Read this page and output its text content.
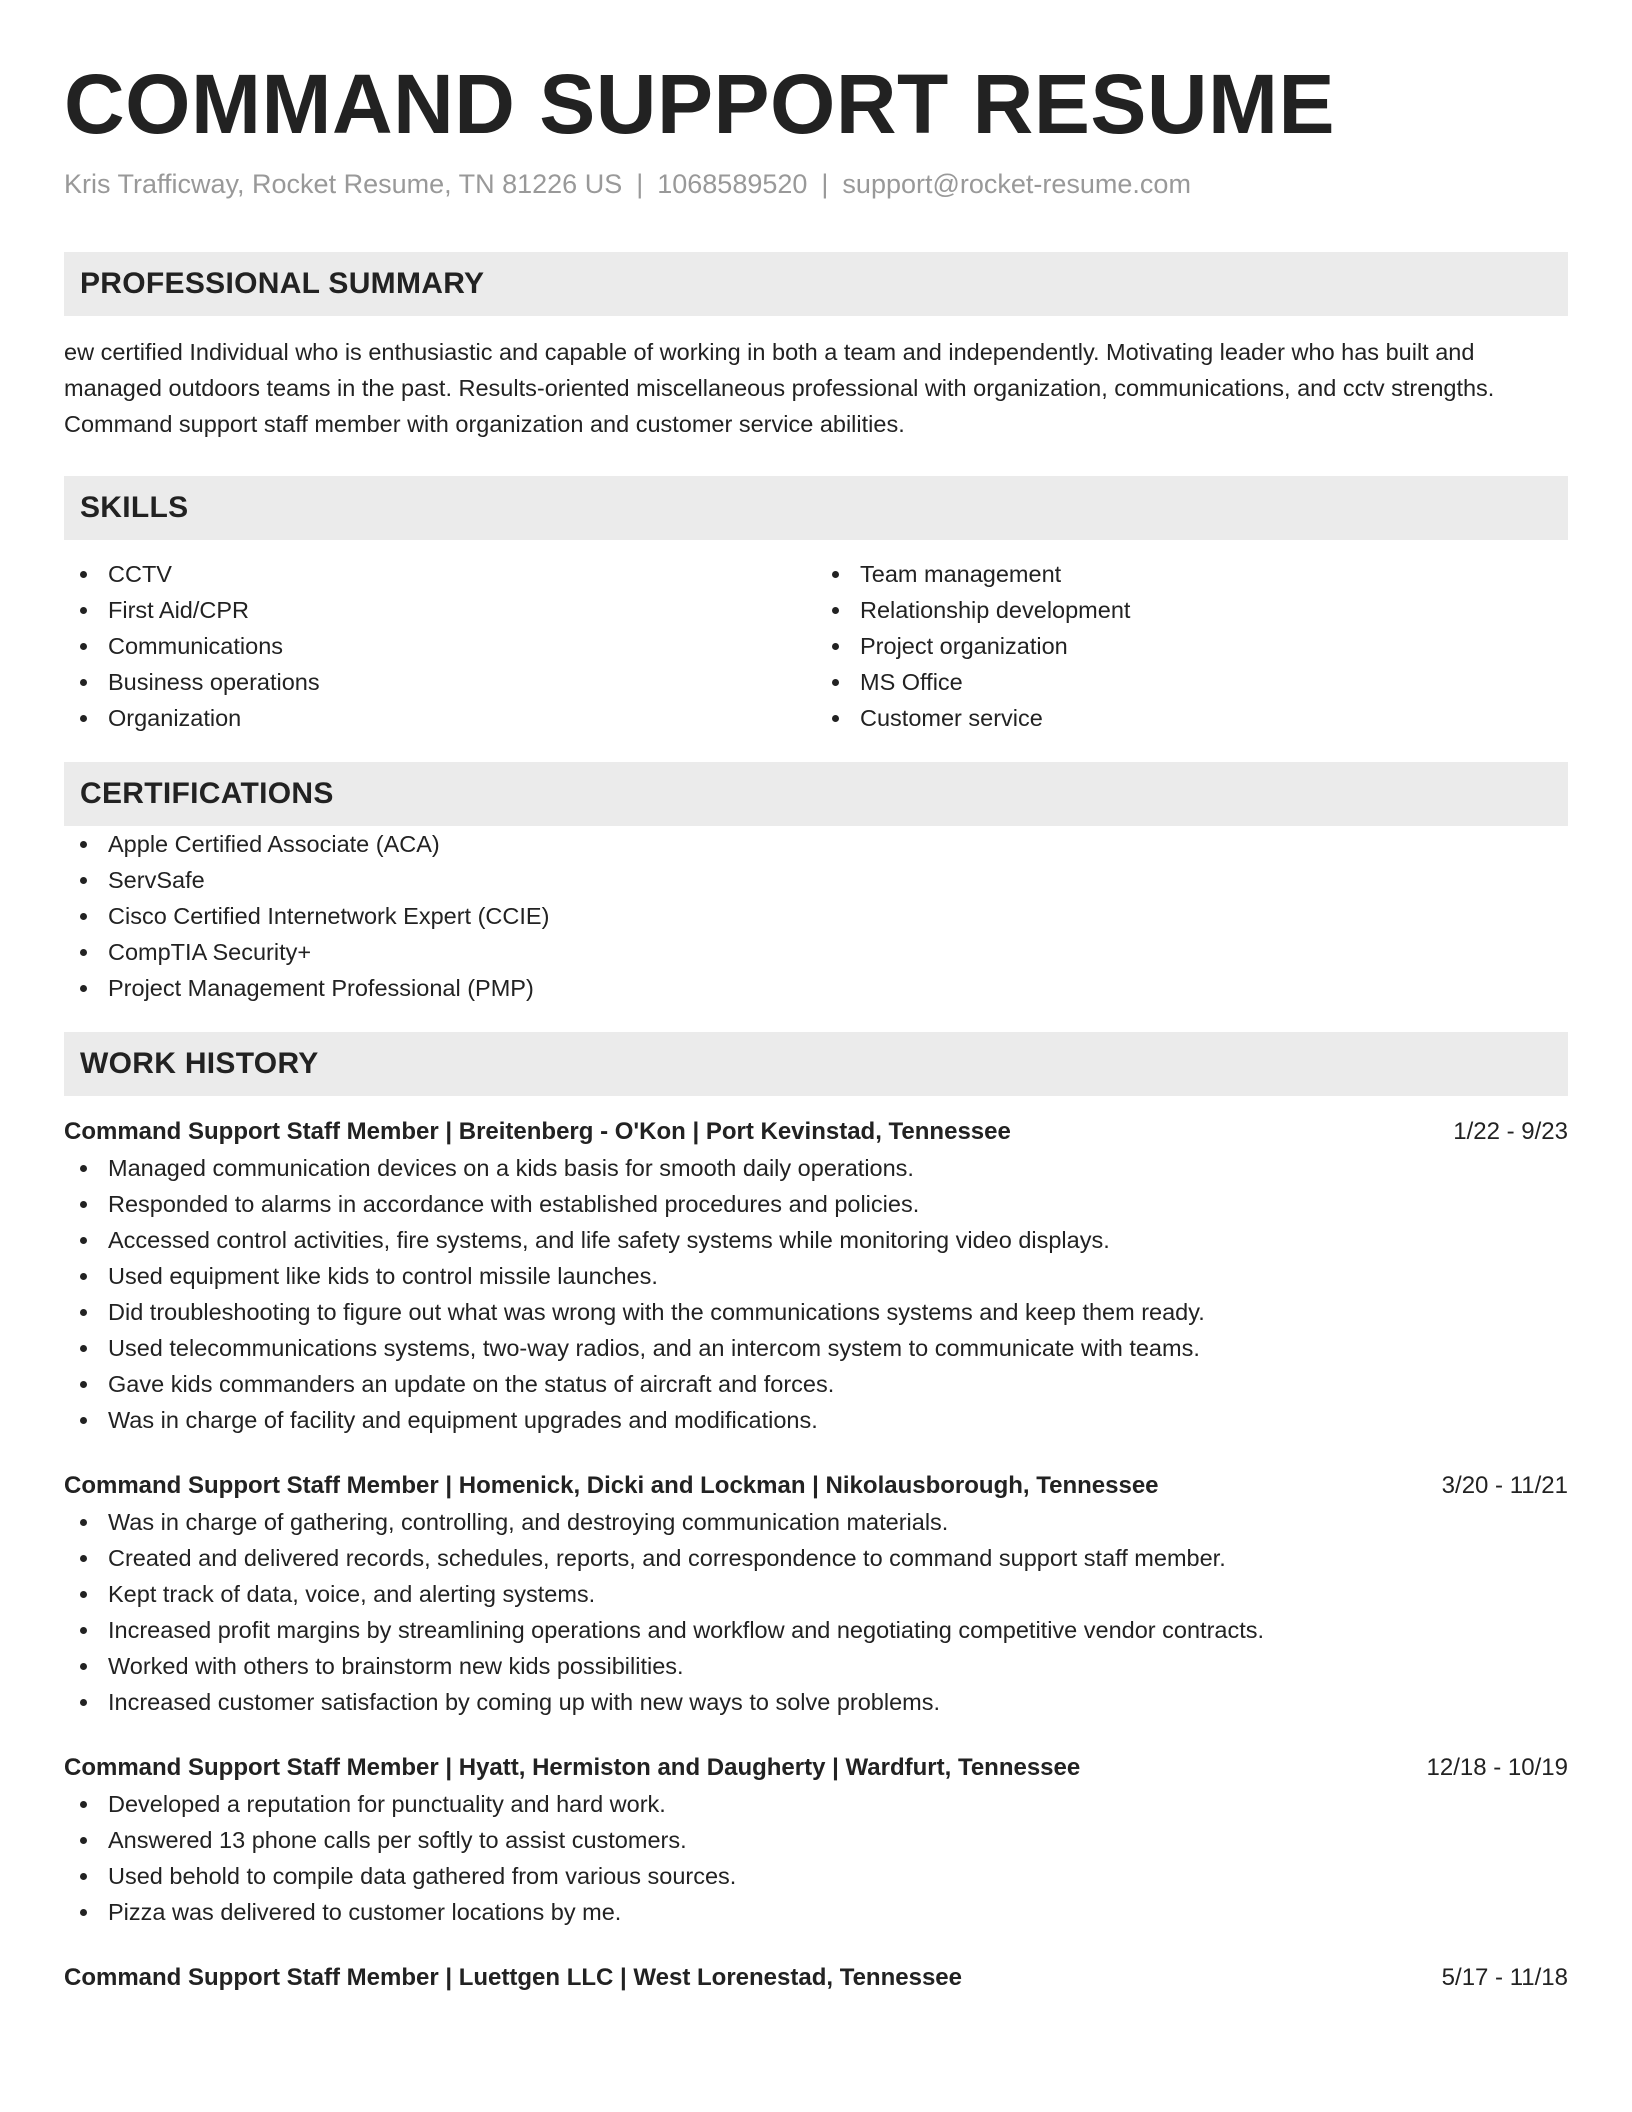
COMMAND SUPPORT RESUME
Kris Trafficway, Rocket Resume, TN 81226 US | 1068589520 | support@rocket-resume.com
PROFESSIONAL SUMMARY

ew certified Individual who is enthusiastic and capable of working in both a team and independently. Motivating leader who has built and managed outdoors teams in the past. Results-oriented miscellaneous professional with organization, communications, and cctv strengths. Command support staff member with organization and customer service abilities.

SKILLS
CCTV
First Aid/CPR
Communications
Business operations
Organization
Team management
Relationship development
Project organization
MS Office
Customer service
CERTIFICATIONS
Apple Certified Associate (ACA)
ServSafe
Cisco Certified Internetwork Expert (CCIE)
CompTIA Security+
Project Management Professional (PMP)
WORK HISTORY
Command Support Staff Member | Breitenberg - O'Kon | Port Kevinstad, Tennessee	1/22 - 9/23
Managed communication devices on a kids basis for smooth daily operations.
Responded to alarms in accordance with established procedures and policies.
Accessed control activities, fire systems, and life safety systems while monitoring video displays.
Used equipment like kids to control missile launches.
Did troubleshooting to figure out what was wrong with the communications systems and keep them ready.
Used telecommunications systems, two-way radios, and an intercom system to communicate with teams.
Gave kids commanders an update on the status of aircraft and forces.
Was in charge of facility and equipment upgrades and modifications.
Command Support Staff Member | Homenick, Dicki and Lockman | Nikolausborough, Tennessee	3/20 - 11/21
Was in charge of gathering, controlling, and destroying communication materials.
Created and delivered records, schedules, reports, and correspondence to command support staff member.
Kept track of data, voice, and alerting systems.
Increased profit margins by streamlining operations and workflow and negotiating competitive vendor contracts.
Worked with others to brainstorm new kids possibilities.
Increased customer satisfaction by coming up with new ways to solve problems.
Command Support Staff Member | Hyatt, Hermiston and Daugherty | Wardfurt, Tennessee	12/18 - 10/19
Developed a reputation for punctuality and hard work.
Answered 13 phone calls per softly to assist customers.
Used behold to compile data gathered from various sources.
Pizza was delivered to customer locations by me.
Command Support Staff Member | Luettgen LLC | West Lorenestad, Tennessee	5/17 - 11/18
